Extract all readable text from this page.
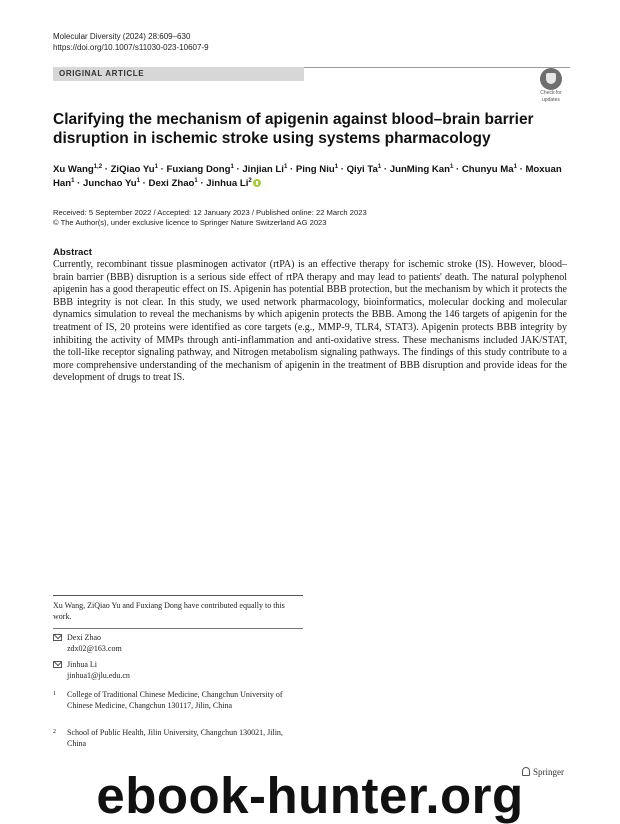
Molecular Diversity (2024) 28:609–630
https://doi.org/10.1007/s11030-023-10607-9
ORIGINAL ARTICLE
Check for
updates
Clarifying the mechanism of apigenin against blood–brain barrier disruption in ischemic stroke using systems pharmacology
Xu Wang$^{1,2}$ · ZiQiao $Yu^1$ · Fuxiang Dong$^1$ · Jinjian $Li^1$ · Ping Niu$^1$ · Qiyi $Ta^1$ · JunMing Kan$^1$ · Chunyu $Ma^1$ · Moxuan Han$^1$ · Junchao $Yu^1$ · Dexi Zhao$^1$ · Jinhua Li$^2$
Received: 5 September 2022 / Accepted: 12 January 2023 / Published online: 22 March 2023
© The Author(s), under exclusive licence to Springer Nature Switzerland AG 2023
Abstract
Currently, recombinant tissue plasminogen activator (rtPA) is an effective therapy for ischemic stroke (IS). However, blood–brain barrier (BBB) disruption is a serious side effect of rtPA therapy and may lead to patients' death. The natural polyphenol apigenin has a good therapeutic effect on IS. Apigenin has potential BBB protection, but the mechanism by which it protects the BBB integrity is not clear. In this study, we used network pharmacology, bioinformatics, molecular docking and molecular dynamics simulation to reveal the mechanisms by which apigenin protects the BBB. Among the 146 targets of apigenin for the treatment of IS, 20 proteins were identified as core targets (e.g., MMP-9, TLR4, STAT3). Apigenin protects BBB integrity by inhibiting the activity of MMPs through anti-inflammation and anti-oxidative stress. These mechanisms included JAK/STAT, the toll-like receptor signaling pathway, and Nitrogen metabolism signaling pathways. The findings of this study contribute to a more comprehensive understanding of the mechanism of apigenin in the treatment of BBB disruption and provide ideas for the development of drugs to treat IS.
Xu Wang, ZiQiao Yu and Fuxiang Dong have contributed equally to this work.
Dexi Zhao
zdx02@163.com
Jinhua Li
jinhua1@jlu.edu.cn
1 College of Traditional Chinese Medicine, Changchun University of Chinese Medicine, Changchun 130117, Jilin, China
2 School of Public Health, Jilin University, Changchun 130021, Jilin, China
Springer
ebook-hunter.org
